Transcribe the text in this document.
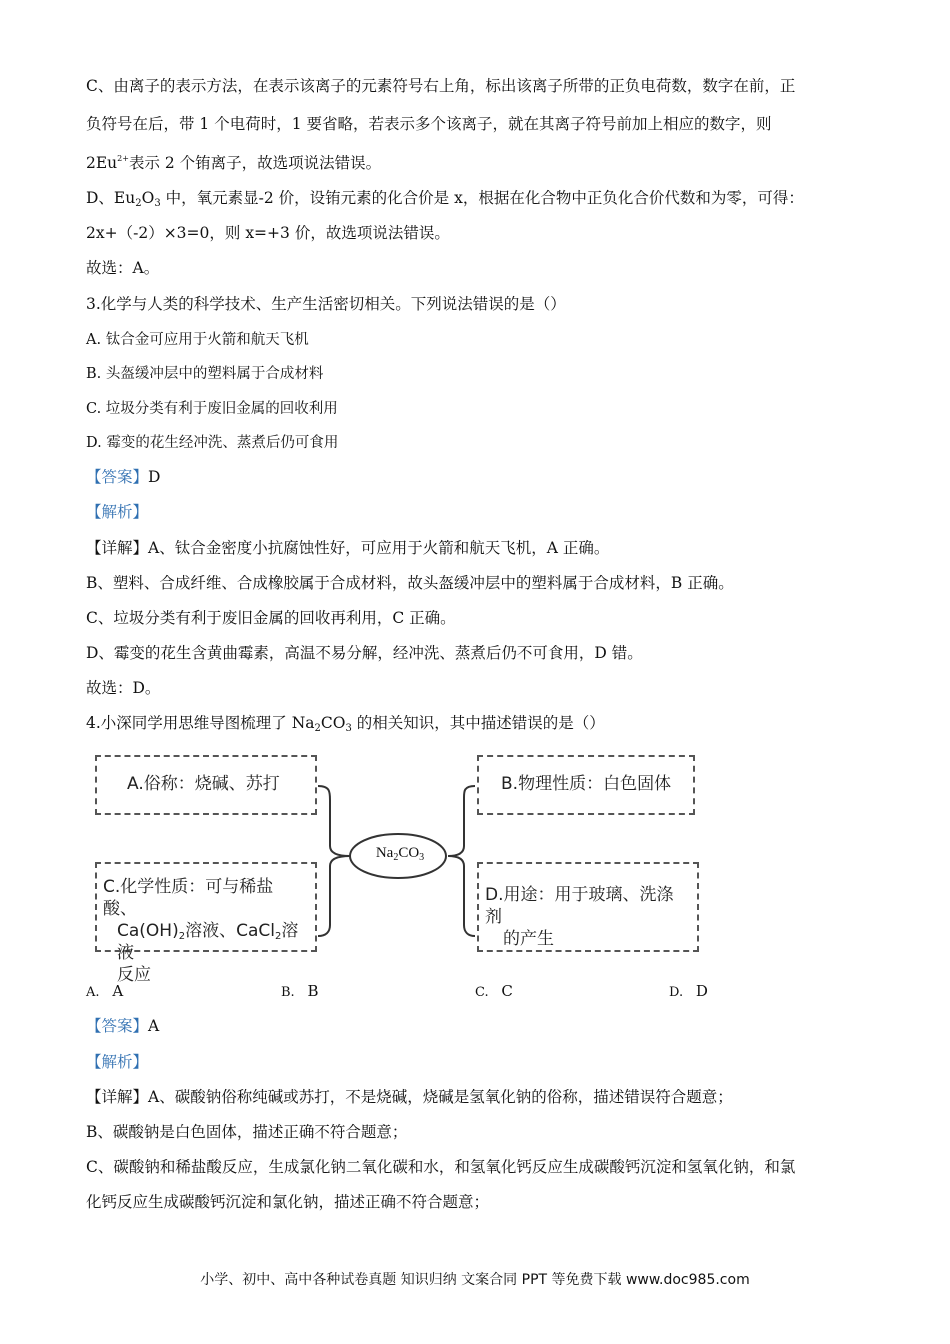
C、由离子的表示方法，在表示该离子的元素符号右上角，标出该离子所带的正负电荷数，数字在前，正
负符号在后，带 1 个电荷时，1 要省略，若表示多个该离子，就在其离子符号前加上相应的数字，则
$2Eu^{2+}$表示 2 个铕离子，故选项说法错误。
D、$Eu_2O_3$ 中，氧元素显-2 价，设铕元素的化合价是 x，根据在化合物中正负化合价代数和为零，可得：
2x+（-2）×3=0，则 x=+3 价，故选项说法错误。
故选：A。
3.化学与人类的科学技术、生产生活密切相关。下列说法错误的是（）
A. 钛合金可应用于火箭和航天飞机
B. 头盔缓冲层中的塑料属于合成材料
C. 垃圾分类有利于废旧金属的回收利用
D. 霉变的花生经冲洗、蒸煮后仍可食用
【答案】D
【解析】
【详解】A、钛合金密度小抗腐蚀性好，可应用于火箭和航天飞机，A 正确。
B、塑料、合成纤维、合成橡胶属于合成材料，故头盔缓冲层中的塑料属于合成材料，B 正确。
C、垃圾分类有利于废旧金属的回收再利用，C 正确。
D、霉变的花生含黄曲霉素，高温不易分解，经冲洗、蒸煮后仍不可食用，D 错。
故选：D。
4.小深同学用思维导图梳理了 $Na_2CO_3$ 的相关知识，其中描述错误的是（）
A.俗称：烧碱、苏打	B.物理性质：白色固体
C.化学性质：可与稀盐酸、
$Ca(OH)_2$溶液、CaCl$_2$溶液
反应
D.用途：用于玻璃、洗涤剂
的产生
$Na_2CO_3$
A. A	B. B	C. C	D. D
【答案】A
【解析】
【详解】A、碳酸钠俗称纯碱或苏打，不是烧碱，烧碱是氢氧化钠的俗称，描述错误符合题意；
B、碳酸钠是白色固体，描述正确不符合题意；
C、碳酸钠和稀盐酸反应，生成氯化钠二氧化碳和水，和氢氧化钙反应生成碳酸钙沉淀和氢氧化钠，和氯
化钙反应生成碳酸钙沉淀和氯化钠，描述正确不符合题意；
小学、初中、高中各种试卷真题 知识归纳 文案合同 PPT 等免费下载 www.doc985.com
